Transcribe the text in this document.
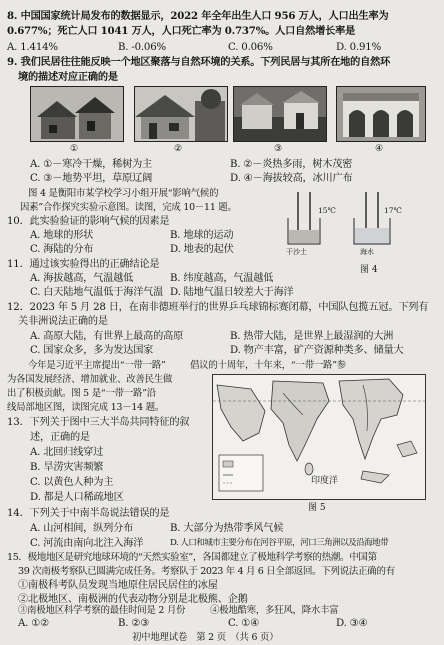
8. 中国国家统计局发布的数据显示，2022 年全年出生人口 956 万人，人口出生率为
0.677%；死亡人口 1041 万人，人口死亡率为 0.737%。人口自然增长率是
A. 1.414%	B. -0.06%	C. 0.06%	D. 0.91%
9. 我们民居往往能反映一个地区聚落与自然环境的关系。下列民居与其所在地的自然环
境的描述对应正确的是
①	②	③	④
A. ①－寒冷干燥，稀树为主	B. ②－炎热多雨，树木茂密
C. ③－地势平坦，草原辽阔	D. ④－海拔较高，冰川广布
图 4 是衡阳市某学校学习小组开展“影响气候的
因素”合作探究实验示意图。读图，完成 10－11 题。	15℃	17℃
干沙土	海水
图 4
10．此实验验证的影响气候的因素是
A. 地球的形状	B. 地球的运动
C. 海陆的分布	D. 地表的起伏
11．通过该实验得出的正确结论是
A. 海拔越高，气温越低	B. 纬度越高，气温越低
C. 白天陆地气温低于海洋气温 D. 陆地气温日较差大于海洋
12．2023 年 5 月 28 日，在南非德班举行的世界乒乓球锦标赛闭幕，中国队包揽五冠。下列有
关非洲说法正确的是
A. 高原大陆，有世界上最高的高原	B. 热带大陆，是世界上最湿润的大洲
C. 国家众多，多为发达国家	D. 物产丰富，矿产资源种类多、储量大
今年是习近平主席提出“一带一路”	倡议的十周年，十年来，“一带一路”参
为各国发展经济、增加就业、改善民生做
出了积极贡献。图 5 是“一带一路”沿
线局部地区图，读图完成 13－14 题。
13．下列关于图中三大半岛共同特征的叙
述，正确的是
A. 北回归线穿过
B. 旱涝灾害频繁
C. 以黄色人种为主
D. 都是人口稀疏地区
印度洋
图 5
14．下列关于中南半岛说法错误的是
A. 山河相间，纵列分布	B. 大部分为热带季风气候
C. 河流由南向北注入海洋	D. 人口和城市主要分布在河谷平原，河口三角洲以及沿海地带
15．极地地区是研究地球环境的“天然实验室”，各国都建立了极地科学考察的热潮。中国第
39 次南极考察队已圆满完成任务。考察队于 2023 年 4 月 6 日全部返回。下列说法正确的有
①南极科考队员发现当地原住居民居住的冰屋
②北极地区、南极洲的代表动物分别是北极熊、企鹅
③南极地区科学考察的最佳时间是 2 月份	④极地酷寒，多狂风，降水丰富
A. ①②	B. ②③	C. ①④	D. ③④
初中地理试卷　第 2 页　（共 6 页）
